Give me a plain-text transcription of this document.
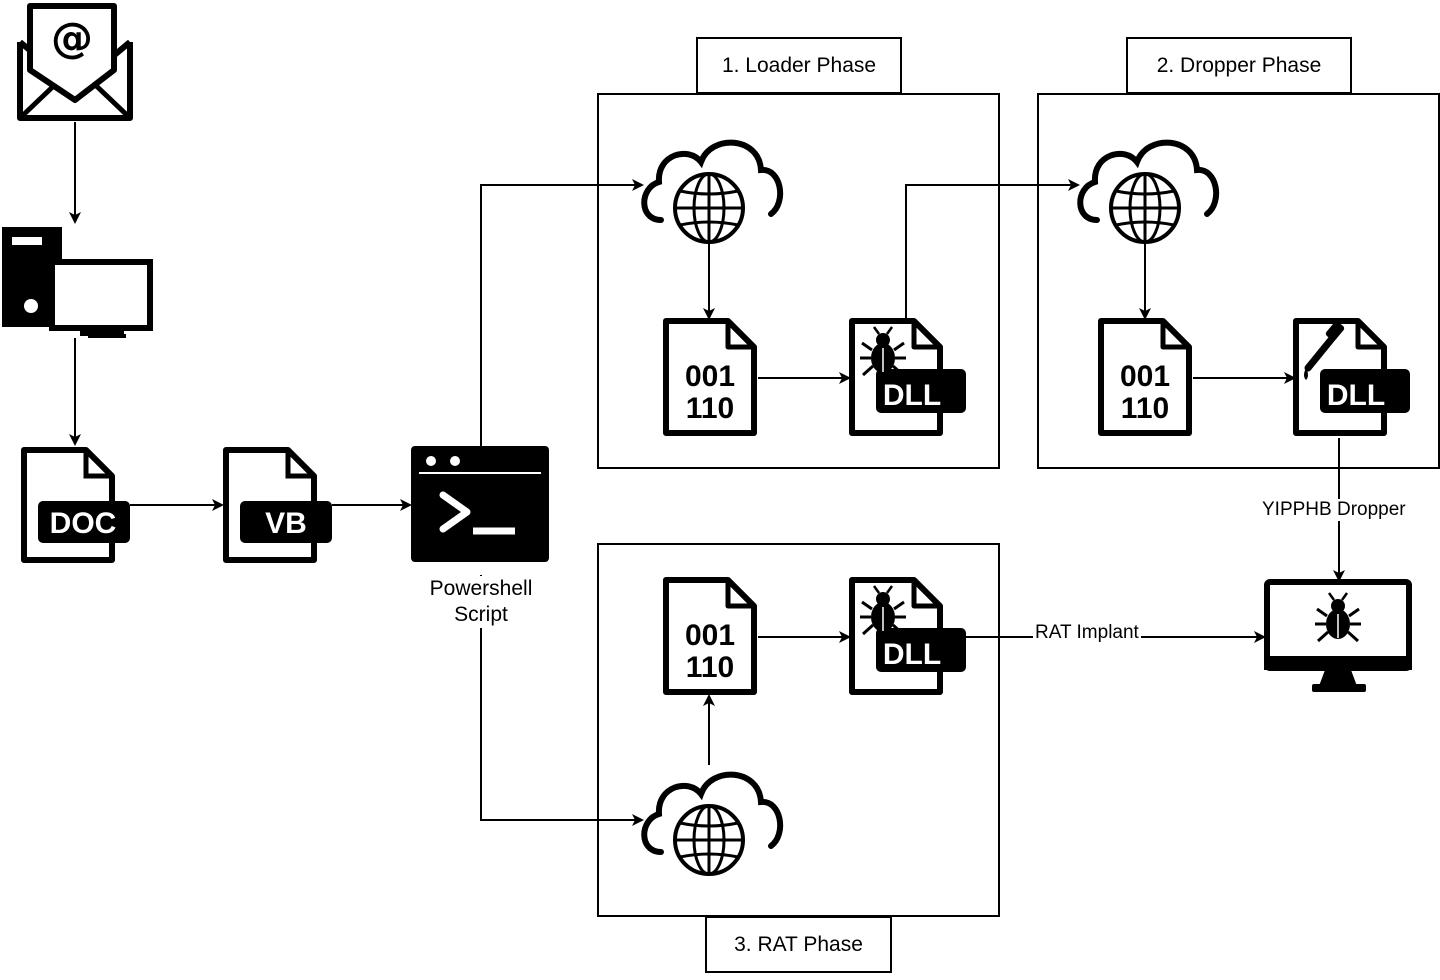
@
DOC	VB
001
110	DLL
001
110	DLL
001
110	DLL
1. Loader Phase	2. Dropper Phase
3. RAT Phase
Powershell
Script
YIPPHB Dropper
RAT Implant
